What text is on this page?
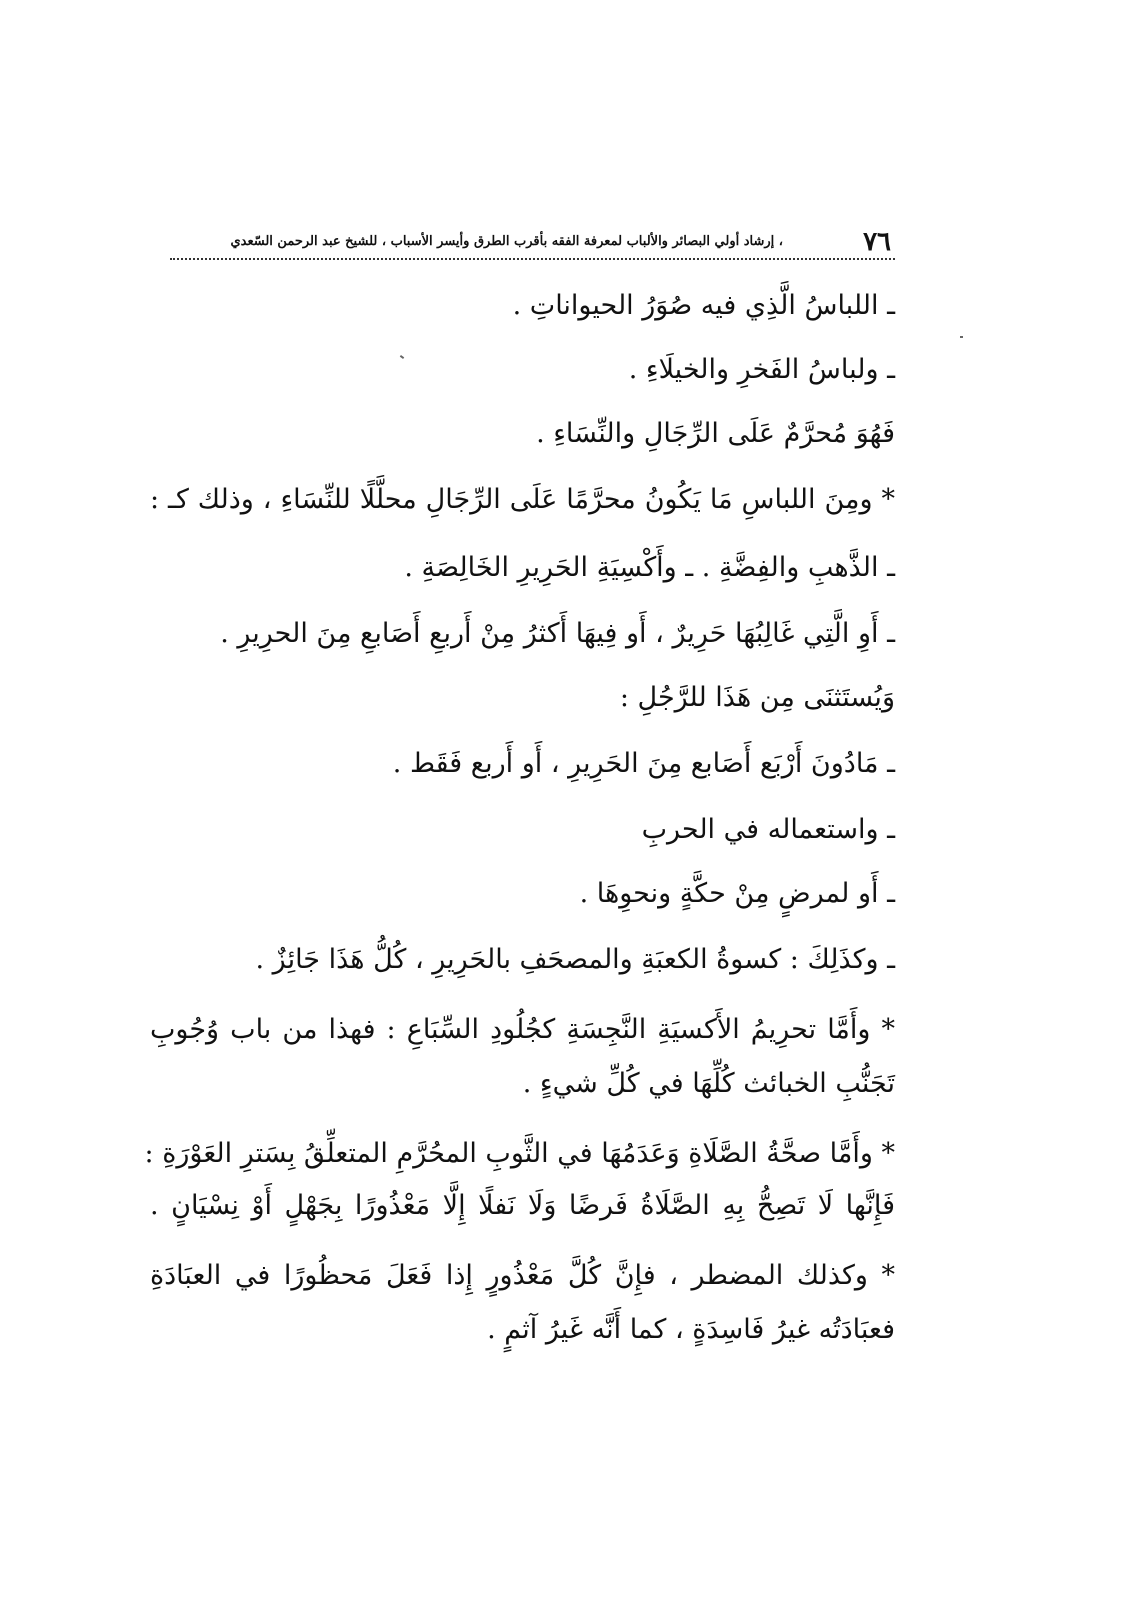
٧٦
، إرشاد أولي البصائر والألباب لمعرفة الفقه بأقرب الطرق وأيسر الأسباب ، للشيخ عبد الرحمن السّعدي
ـ اللباسُ الَّذِي فيه صُوَرُ الحيواناتِ .
ـ ولباسُ الفَخرِ والخيلَاءِ .
فَهُوَ مُحرَّمٌ عَلَى الرِّجَالِ والنِّسَاءِ .
* ومِنَ اللباسِ مَا يَكُونُ محرَّمًا عَلَى الرِّجَالِ محلَّلًا للنِّسَاءِ ، وذلك كـ :
ـ الذَّهبِ والفِضَّةِ . ـ وأَكْسِيَةِ الحَرِيرِ الخَالِصَةِ .
ـ أَوِ الَّتِي غَالِبُهَا حَرِيرٌ ، أَو فِيهَا أَكثرُ مِنْ أَربعِ أَصَابعِ مِنَ الحرِيرِ .
وَيُستَثنَى مِن هَذَا للرَّجُلِ :
ـ مَادُونَ أَرْبَع أَصَابع مِنَ الحَرِيرِ ، أَو أَربع فَقَط .
ـ واستعماله في الحربِ
ـ أَو لمرضٍ مِنْ حكَّةٍ ونحوِهَا .
ـ وكذَلِكَ : كسوةُ الكعبَةِ والمصحَفِ بالحَرِيرِ ، كُلُّ هَذَا جَائِزٌ .
* وأَمَّا تحرِيمُ الأَكسيَةِ النَّجِسَةِ كجُلُودِ السِّبَاعِ : فهذا من باب وُجُوبِ
تَجَنُّبِ الخبائث كُلِّهَا في كُلِّ شيءٍ .
* وأَمَّا صحَّةُ الصَّلَاةِ وَعَدَمُهَا في الثَّوبِ المحُرَّمِ المتعلِّقُ بِسَترِ العَوْرَةِ :
فَإِنَّها لَا تَصِحُّ بِهِ الصَّلَاةُ فَرضًا وَلَا نَفلًا إِلَّا مَعْذُورًا بِجَهْلٍ أَوْ نِسْيَانٍ .
* وكذلك المضطر ، فإِنَّ كُلَّ مَعْذُورٍ إِذا فَعَلَ مَحظُورًا في العبَادَةِ
فعبَادَتُه غيرُ فَاسِدَةٍ ، كما أَنَّه غَيرُ آثمٍ .
